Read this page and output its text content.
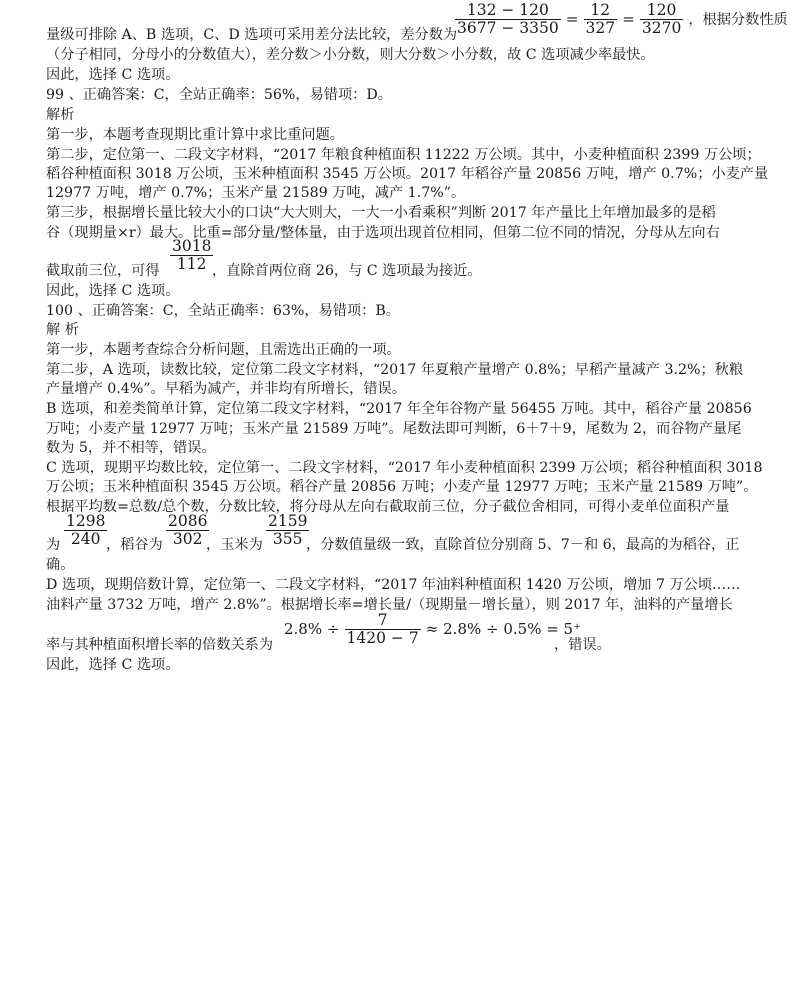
量级可排除 A、B 选项，C、D 选项可采用差分法比较，差分数为
$\frac{132 - 120}{3677 - 3350} = \frac{12}{327} = \frac{120}{3270}$ ，根据分数性质
（分子相同，分母小的分数值大），差分数＞小分数，则大分数＞小分数，故 C 选项减少率最快。
因此，选择 C 选项。
99 、正确答案：C，全站正确率：56%，易错项：D。
解析
第一步，本题考查现期比重计算中求比重问题。
第二步，定位第一、二段文字材料，“2017 年粮食种植面积 11222 万公顷。其中，小麦种植面积 2399 万公顷；
稻谷种植面积 3018 万公顷，玉米种植面积 3545 万公顷。2017 年稻谷产量 20856 万吨，增产 0.7%；小麦产量
12977 万吨，增产 0.7%；玉米产量 21589 万吨，减产 1.7%”。
第三步，根据增长量比较大小的口诀“大大则大，一大一小看乘积”判断 2017 年产量比上年增加最多的是稻
谷（现期量×r）最大。比重=部分量/整体量，由于选项出现首位相同，但第二位不同的情况，分母从左向右
截取前三位，可得 $\frac{3018}{112}$
，直除首两位商 26，与 C 选项最为接近。
因此，选择 C 选项。
100 、正确答案：C，全站正确率：63%，易错项：B。
解 析
第一步，本题考查综合分析问题，且需选出正确的一项。
第二步，A 选项，读数比较，定位第二段文字材料，“2017 年夏粮产量增产 0.8%；早稻产量减产 3.2%；秋粮
产量增产 0.4%”。早稻为减产，并非均有所增长，错误。
B 选项，和差类简单计算，定位第二段文字材料，“2017 年全年谷物产量 56455 万吨。其中，稻谷产量 20856
万吨；小麦产量 12977 万吨；玉米产量 21589 万吨”。尾数法即可判断，6＋7＋9，尾数为 2，而谷物产量尾
数为 5，并不相等，错误。
C 选项，现期平均数比较，定位第一、二段文字材料，“2017 年小麦种植面积 2399 万公顷；稻谷种植面积 3018
万公顷；玉米种植面积 3545 万公顷。稻谷产量 20856 万吨；小麦产量 12977 万吨；玉米产量 21589 万吨”。
根据平均数=总数/总个数，分数比较，将分母从左向右截取前三位，分子截位舍相同，可得小麦单位面积产量
为 $\frac{1298}{240}$
，稻谷为 $\frac{2086}{302}$
，玉米为 $\frac{2159}{355}$
，分数值量级一致，直除首位分别商 5、7－和 6，最高的为稻谷，正
确。
D 选项，现期倍数计算，定位第一、二段文字材料，“2017 年油料种植面积 1420 万公顷，增加 7 万公顷……
油料产量 3732 万吨，增产 2.8%”。根据增长率=增长量/（现期量－增长量），则 2017 年，油料的产量增长
$2.8\% \div \frac{7}{1420 - 7} \approx 2.8\% \div 0.5\% = 5^+$
率与其种植面积增长率的倍数关系为	，错误。
因此，选择 C 选项。
